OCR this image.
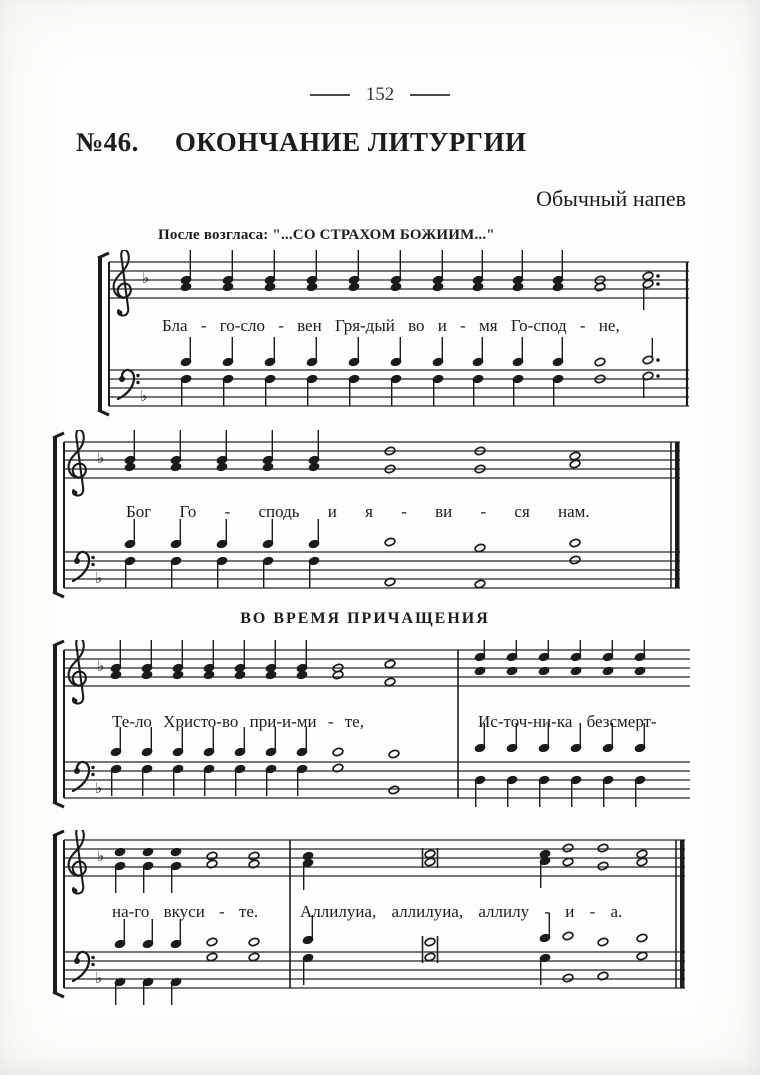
152
№46. ОКОНЧАНИЕ ЛИТУРГИИ
Обычный напев
После возгласа: "...СО СТРАХОМ БОЖИИМ..."
♭
♭
Бла - го-сло - вен Гря-дый во и - мя Го-спод - не,
♭
♭
Бог Го - сподь и я - ви - ся нам.
ВО ВРЕМЯ ПРИЧАЩЕНИЯ
♭
♭
Те-ло Христо-во при-и-ми - те,	Ис-точ-ни-ка безсмерт-
♭
♭
на-го вкуси - те. Аллилуиа, аллилуиа, аллилу - и - а.
